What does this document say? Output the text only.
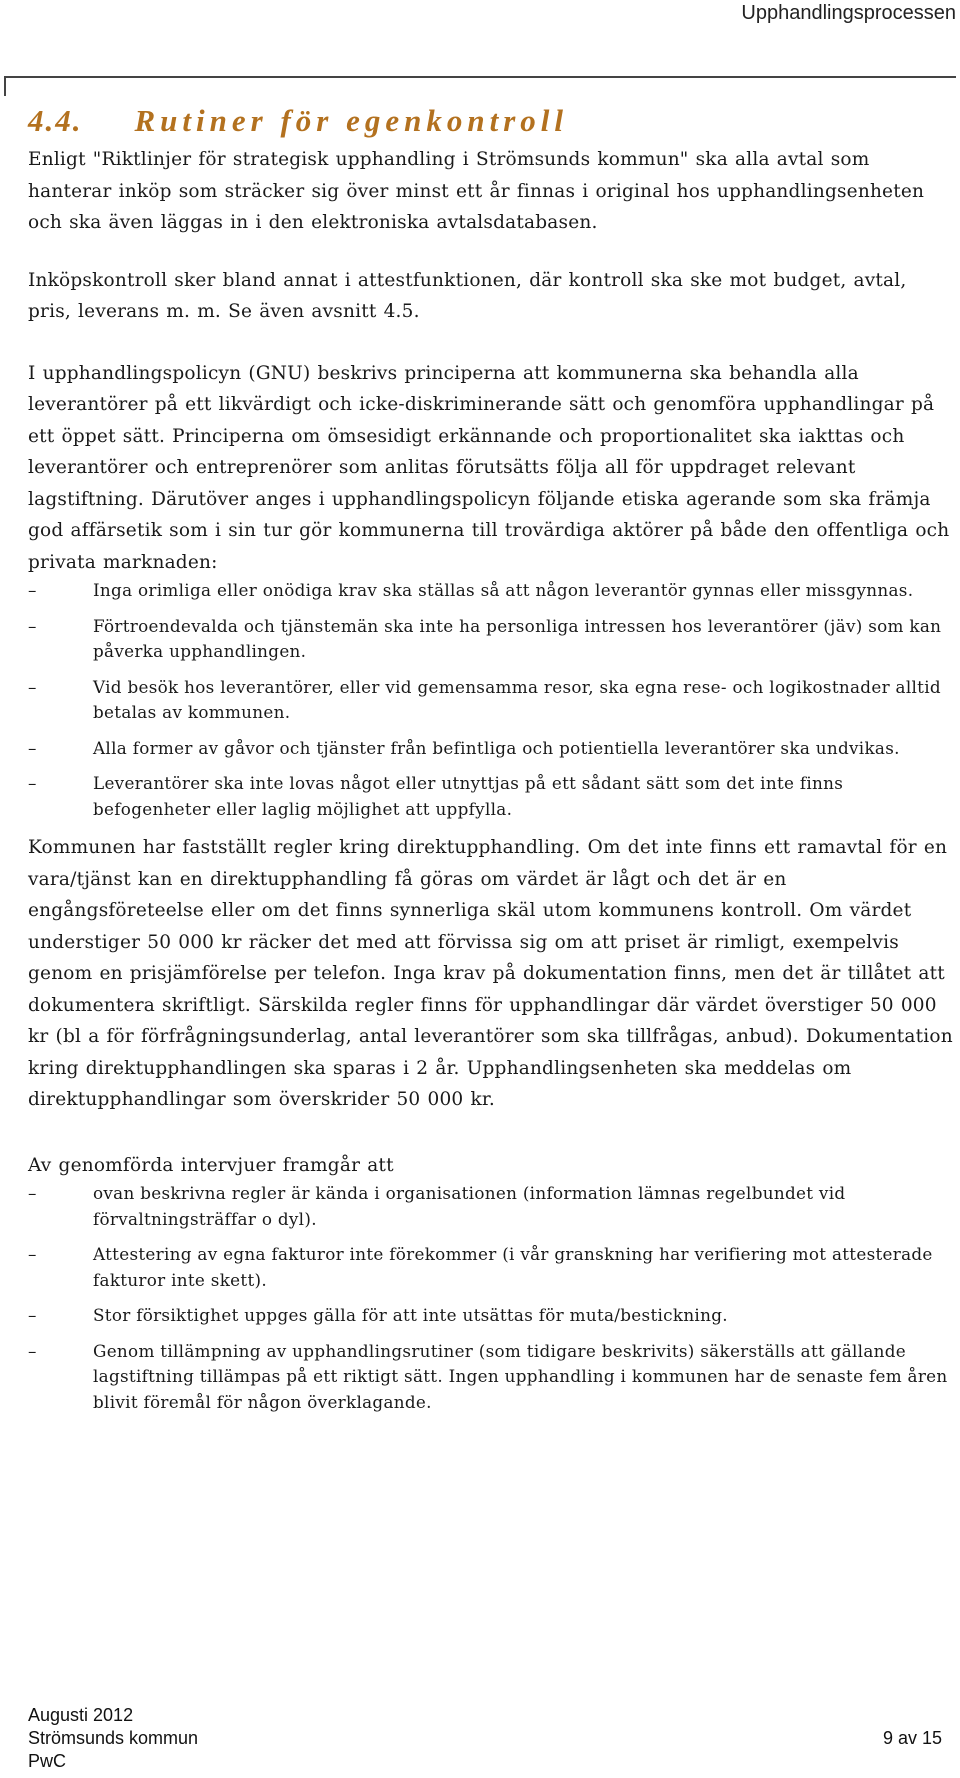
Upphandlingsprocessen
4.4. Rutiner för egenkontroll

Enligt "Riktlinjer för strategisk upphandling i Strömsunds kommun" ska alla avtal som hanterar inköp som sträcker sig över minst ett år finnas i original hos upphandlingsenheten och ska även läggas in i den elektroniska avtalsdatabasen.

Inköpskontroll sker bland annat i attestfunktionen, där kontroll ska ske mot budget, avtal, pris, leverans m. m. Se även avsnitt 4.5.

I upphandlingspolicyn (GNU) beskrivs principerna att kommunerna ska behandla alla leverantörer på ett likvärdigt och icke-diskriminerande sätt och genomföra upphandlingar på ett öppet sätt. Principerna om ömsesidigt erkännande och proportionalitet ska iakttas och leverantörer och entreprenörer som anlitas förutsätts följa all för uppdraget relevant lagstiftning. Därutöver anges i upphandlingspolicyn följande etiska agerande som ska främja god affärsetik som i sin tur gör kommunerna till trovärdiga aktörer på både den offentliga och privata marknaden:

–	Inga orimliga eller onödiga krav ska ställas så att någon leverantör gynnas eller missgynnas.
–	Förtroendevalda och tjänstemän ska inte ha personliga intressen hos leverantörer (jäv) som kan påverka upphandlingen.
–	Vid besök hos leverantörer, eller vid gemensamma resor, ska egna rese- och logikostnader alltid betalas av kommunen.
–	Alla former av gåvor och tjänster från befintliga och potientiella leverantörer ska undvikas.
–	Leverantörer ska inte lovas något eller utnyttjas på ett sådant sätt som det inte finns befogenheter eller laglig möjlighet att uppfylla.

Kommunen har fastställt regler kring direktupphandling. Om det inte finns ett ramavtal för en vara/tjänst kan en direktupphandling få göras om värdet är lågt och det är en engångsföreteelse eller om det finns synnerliga skäl utom kommunens kontroll. Om värdet understiger 50 000 kr räcker det med att förvissa sig om att priset är rimligt, exempelvis genom en prisjämförelse per telefon. Inga krav på dokumentation finns, men det är tillåtet att dokumentera skriftligt. Särskilda regler finns för upphandlingar där värdet överstiger 50 000 kr (bl a för förfrågningsunderlag, antal leverantörer som ska tillfrågas, anbud). Dokumentation kring direktupphandlingen ska sparas i 2 år. Upphandlingsenheten ska meddelas om direktupphandlingar som överskrider 50 000 kr.

Av genomförda intervjuer framgår att

–	ovan beskrivna regler är kända i organisationen (information lämnas regelbundet vid förvaltningsträffar o dyl).
–	Attestering av egna fakturor inte förekommer (i vår granskning har verifiering mot attesterade fakturor inte skett).
–	Stor försiktighet uppges gälla för att inte utsättas för muta/bestickning.
–	Genom tillämpning av upphandlingsrutiner (som tidigare beskrivits) säkerställs att gällande lagstiftning tillämpas på ett riktigt sätt. Ingen upphandling i kommunen har de senaste fem åren blivit föremål för någon överklagande.
Augusti 2012
Strömsunds kommun
PwC
9 av 15
